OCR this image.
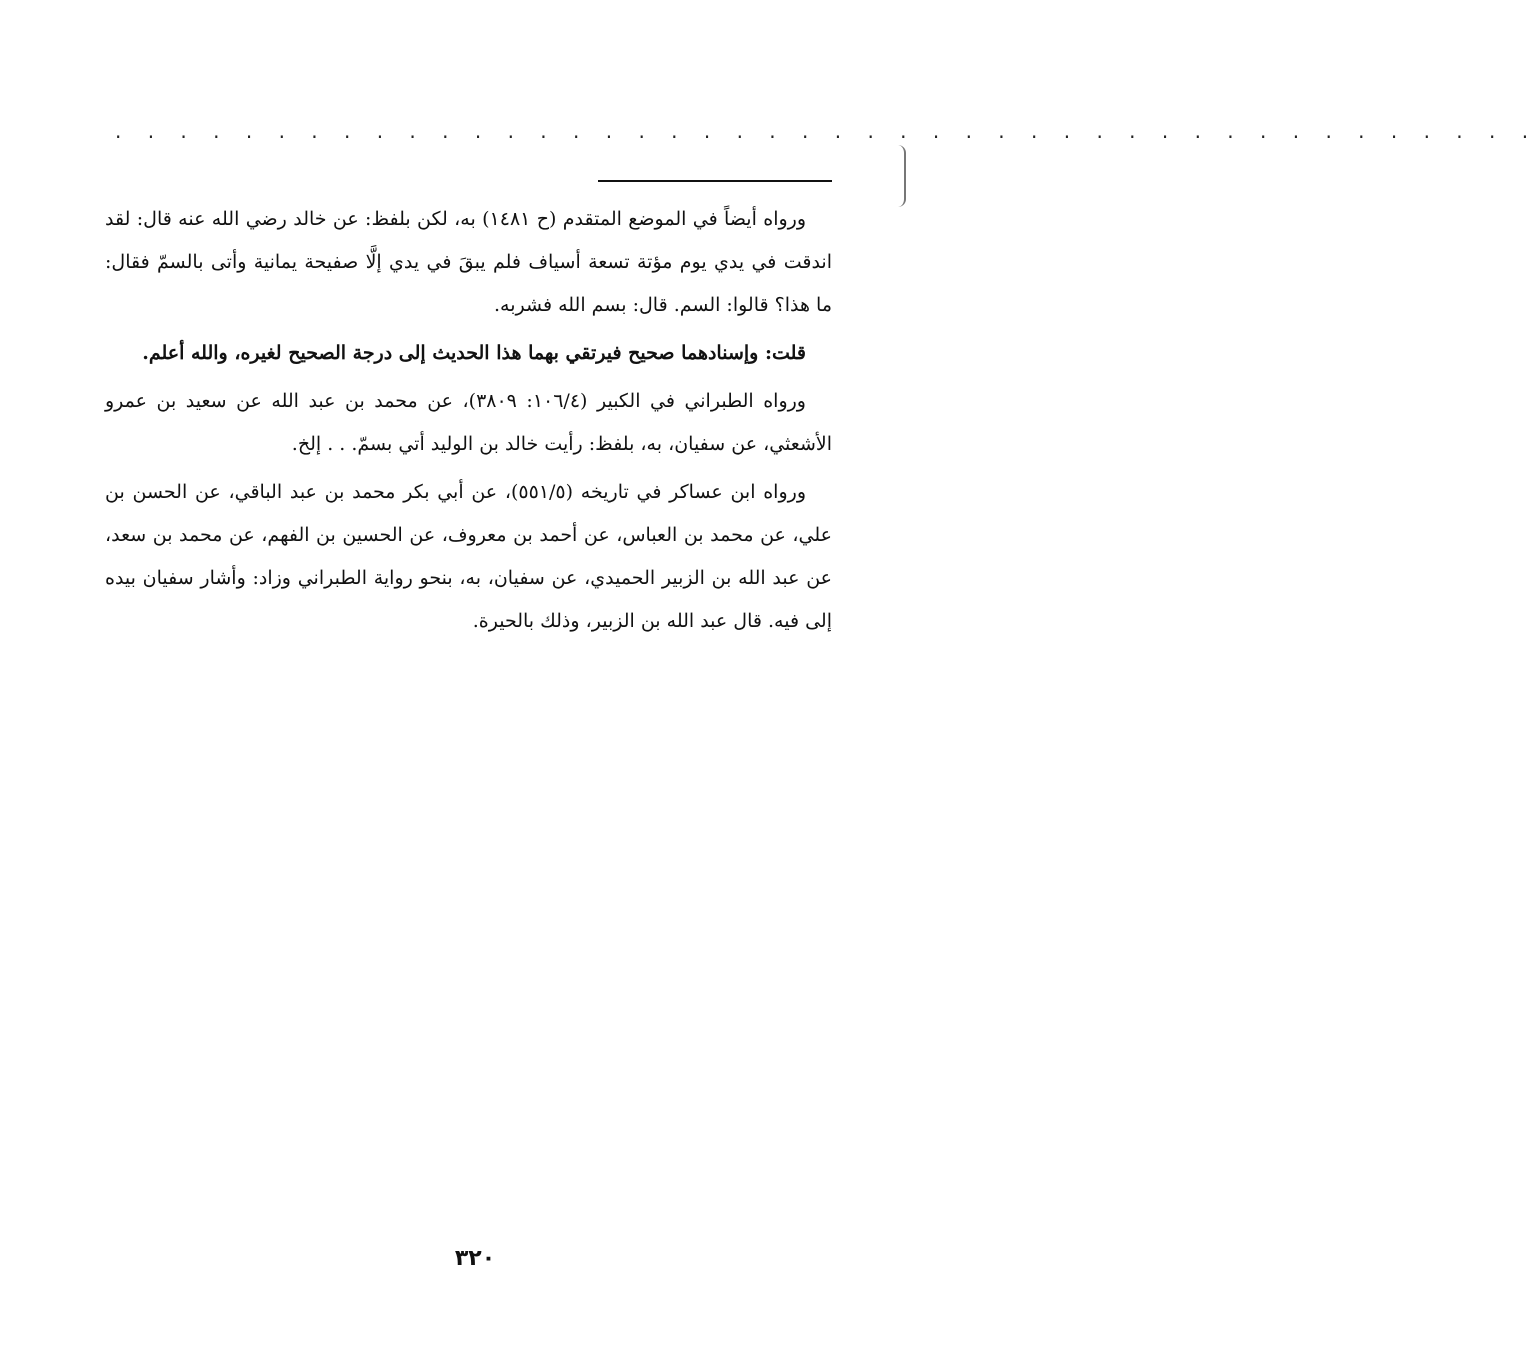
. . . . . . . . . . . . . . . . . . . . . . . . . . . . . . . . . . . . . . . . . . . .

ورواه أيضاً في الموضع المتقدم (ح ١٤٨١) به، لكن بلفظ: عن خالد رضي الله عنه قال: لقد اندقت في يدي يوم مؤتة تسعة أسياف فلم يبقَ في يدي إلَّا صفيحة يمانية وأتى بالسمّ فقال: ما هذا؟ قالوا: السم. قال: بسم الله فشربه.

قلت: وإسنادهما صحيح فيرتقي بهما هذا الحديث إلى درجة الصحيح لغيره، والله أعلم.

ورواه الطبراني في الكبير (١٠٦/٤: ٣٨٠٩)، عن محمد بن عبد الله عن سعيد بن عمرو الأشعثي، عن سفيان، به، بلفظ: رأيت خالد بن الوليد أتي بسمّ. . . إلخ.

ورواه ابن عساكر في تاريخه (٥٥١/٥)، عن أبي بكر محمد بن عبد الباقي، عن الحسن بن علي، عن محمد بن العباس، عن أحمد بن معروف، عن الحسين بن الفهم، عن محمد بن سعد، عن عبد الله بن الزبير الحميدي، عن سفيان، به، بنحو رواية الطبراني وزاد: وأشار سفيان بيده إلى فيه. قال عبد الله بن الزبير، وذلك بالحيرة.

٣٢٠
